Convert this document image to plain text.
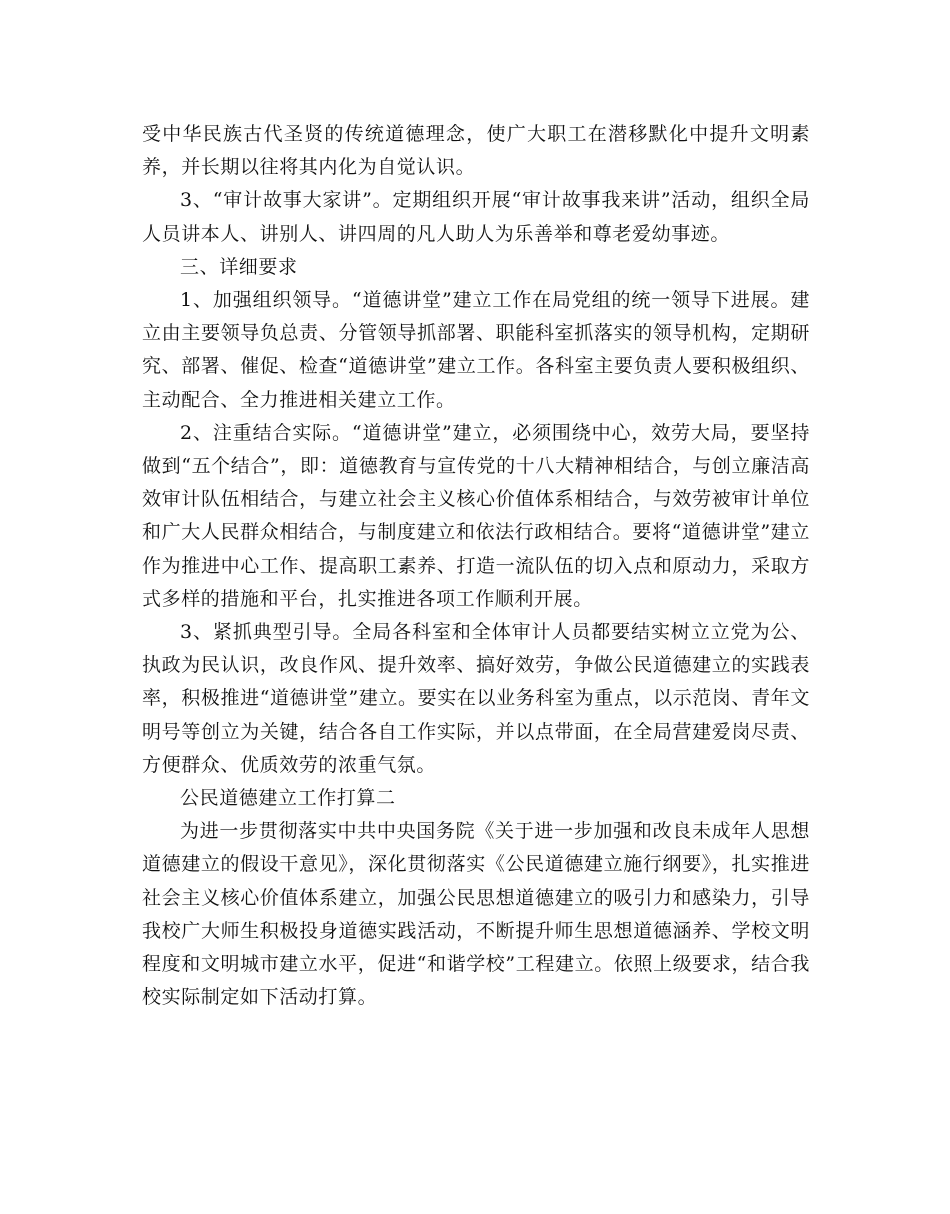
受中华民族古代圣贤的传统道德理念，使广大职工在潜移默化中提升文明素养，并长期以往将其内化为自觉认识。

3、“审计故事大家讲”。定期组织开展“审计故事我来讲”活动，组织全局人员讲本人、讲别人、讲四周的凡人助人为乐善举和尊老爱幼事迹。

三、详细要求

1、加强组织领导。“道德讲堂”建立工作在局党组的统一领导下进展。建立由主要领导负总责、分管领导抓部署、职能科室抓落实的领导机构，定期研究、部署、催促、检查“道德讲堂”建立工作。各科室主要负责人要积极组织、主动配合、全力推进相关建立工作。

2、注重结合实际。“道德讲堂”建立，必须围绕中心，效劳大局，要坚持做到“五个结合”，即：道德教育与宣传党的十八大精神相结合，与创立廉洁高效审计队伍相结合，与建立社会主义核心价值体系相结合，与效劳被审计单位和广大人民群众相结合，与制度建立和依法行政相结合。要将“道德讲堂”建立作为推进中心工作、提高职工素养、打造一流队伍的切入点和原动力，采取方式多样的措施和平台，扎实推进各项工作顺利开展。

3、紧抓典型引导。全局各科室和全体审计人员都要结实树立立党为公、执政为民认识，改良作风、提升效率、搞好效劳，争做公民道德建立的实践表率，积极推进“道德讲堂”建立。要实在以业务科室为重点，以示范岗、青年文明号等创立为关键，结合各自工作实际，并以点带面，在全局营建爱岗尽责、方便群众、优质效劳的浓重气氛。

公民道德建立工作打算二

为进一步贯彻落实中共中央国务院《关于进一步加强和改良未成年人思想道德建立的假设干意见》，深化贯彻落实《公民道德建立施行纲要》，扎实推进社会主义核心价值体系建立，加强公民思想道德建立的吸引力和感染力，引导我校广大师生积极投身道德实践活动，不断提升师生思想道德涵养、学校文明程度和文明城市建立水平，促进“和谐学校”工程建立。依照上级要求，结合我校实际制定如下活动打算。
